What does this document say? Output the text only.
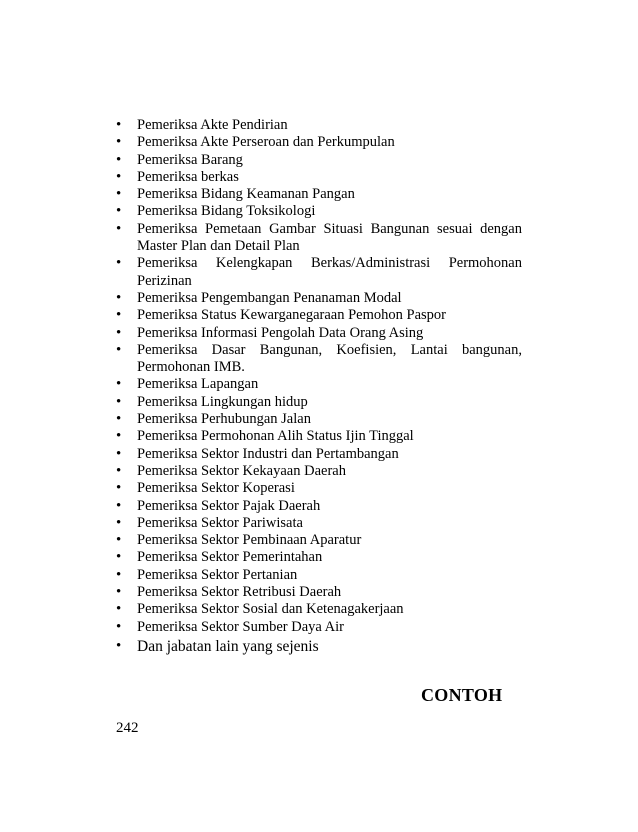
•	Pemeriksa Akte Pendirian
•	Pemeriksa Akte Perseroan dan Perkumpulan
•	Pemeriksa Barang
•	Pemeriksa berkas
•	Pemeriksa Bidang Keamanan Pangan
•	Pemeriksa Bidang Toksikologi
•	Pemeriksa Pemetaan Gambar Situasi Bangunan sesuai dengan Master Plan dan Detail Plan
•	Pemeriksa Kelengkapan Berkas/Administrasi Permohonan Perizinan
•	Pemeriksa Pengembangan Penanaman Modal
•	Pemeriksa Status Kewarganegaraan Pemohon Paspor
•	Pemeriksa Informasi Pengolah Data Orang Asing
•	Pemeriksa Dasar Bangunan, Koefisien, Lantai bangunan, Permohonan IMB.
•	Pemeriksa Lapangan
•	Pemeriksa Lingkungan hidup
•	Pemeriksa Perhubungan Jalan
•	Pemeriksa Permohonan Alih Status Ijin Tinggal
•	Pemeriksa Sektor Industri dan Pertambangan
•	Pemeriksa Sektor Kekayaan Daerah
•	Pemeriksa Sektor Koperasi
•	Pemeriksa Sektor Pajak Daerah
•	Pemeriksa Sektor Pariwisata
•	Pemeriksa Sektor Pembinaan Aparatur
•	Pemeriksa Sektor Pemerintahan
•	Pemeriksa Sektor Pertanian
•	Pemeriksa Sektor Retribusi Daerah
•	Pemeriksa Sektor Sosial dan Ketenagakerjaan
•	Pemeriksa Sektor Sumber Daya Air
•	Dan jabatan lain yang sejenis
CONTOH
242
